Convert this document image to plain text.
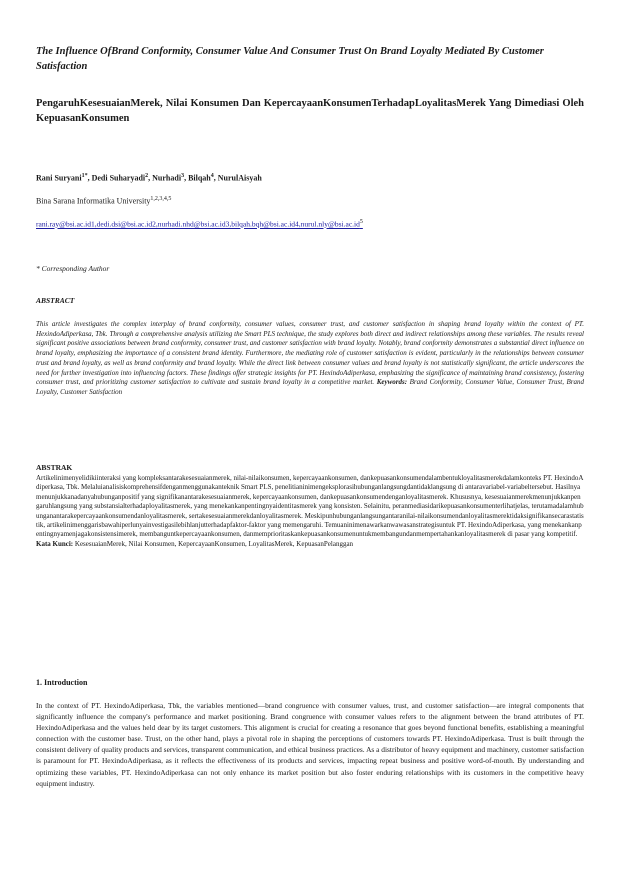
The Influence OfBrand Conformity, Consumer Value And Consumer Trust On Brand Loyalty Mediated By Customer Satisfaction
PengaruhKesesuaianMerek, Nilai Konsumen Dan KepercayaanKonsumenTerhadapLoyalitasMerek Yang Dimediasi Oleh KepuasanKonsumen
Rani Suryani$^{1*}$, Dedi Suharyadi$^2$, Nurhadi$^3$, Bilqah$^4$, NurulAisyah
Bina Sarana Informatika University$^{1,2,3,4,5}$
$rani.ray@bsi.ac.id1,dedi.dsi@bsi.ac.id2,nurhadi.nhd@bsi.ac.id3,bilqah.bqh@bsi.ac.id4,nurul.nly@bsi.ac.id^5$
* Corresponding Author
ABSTRACT
This article investigates the complex interplay of brand conformity, consumer values, consumer trust, and customer satisfaction in shaping brand loyalty within the context of PT. HexindoAdiperkasa, Tbk. Through a comprehensive analysis utilizing the Smart PLS technique, the study explores both direct and indirect relationships among these variables. The results reveal significant positive associations between brand conformity, consumer trust, and customer satisfaction with brand loyalty. Notably, brand conformity demonstrates a substantial direct influence on brand loyalty, emphasizing the importance of a consistent brand identity. Furthermore, the mediating role of customer satisfaction is evident, particularly in the relationships between consumer trust and brand loyalty, as well as brand conformity and brand loyalty. While the direct link between consumer values and brand loyalty is not statistically significant, the article underscores the need for further investigation into influencing factors. These findings offer strategic insights for PT. HexindoAdiperkasa, emphasizing the significance of maintaining brand consistency, fostering consumer trust, and prioritizing customer satisfaction to cultivate and sustain brand loyalty in a competitive market. Keywords: Brand Conformity, Consumer Value, Consumer Trust, Brand Loyalty, Customer Satisfaction
ABSTRAK
Artikelinimenyelidikiinteraksi yang kompleksantarakesesuaianmerek, nilai-nilaikonsumen, kepercayaankonsumen, dankepuasankonsumendalambentukloyalitasmerekdalamkonteks PT. HexindoAdiperkasa, Tbk. Melaluianalisiskomprehensifdenganmenggunakanteknik Smart PLS, penelitianinimengeksplorasihubunganlangsungdantidaklangsung di antaravariabel-variabeltersebut. Hasilnyamenunjukkanadanyahubunganpositif yang signifikanantarakesesuaianmerek, kepercayaankonsumen, dankepuasankonsumendenganloyalitasmerek. Khususnya, kesesuaianmerekmenunjukkanpengaruhlangsung yang substansialterhadaployalitasmerek, yang menekankanpentingnyaidentitasmerek yang konsisten. Selainitu, peranmediasidarikepuasankonsumenterlihatjelas, terutamadalamhubunganantarakepercayaankonsumendanloyalitasmerek, sertakesesuaianmerekdanloyalitasmerek. Meskipunhubunganlangsungantaranilai-nilaikonsumendanloyalitasmerektidaksignifikansecarastatistik, artikelinimenggarisbawahiperlunyainvestigasilebihlanjutterhadapfaktor-faktor yang memengaruhi. Temuaninimenawarkanwawasanstrategisuntuk PT. HexindoAdiperkasa, yang menekankanpentingnyamenjagakonsistensimerek, membanguntkepercayaankonsumen, danmemprioritaskankepuasankonsumenuntukmembangundanmempertahankanloyalitasmerek di pasar yang kompetitif.
Kata Kunci: KesesuaianMerek, Nilai Konsumen, KepercayaanKonsumen, LoyalitasMerek, KepuasanPelanggan
1. Introduction
In the context of PT. HexindoAdiperkasa, Tbk, the variables mentioned—brand congruence with consumer values, trust, and customer satisfaction—are integral components that significantly influence the company's performance and market positioning. Brand congruence with consumer values refers to the alignment between the brand attributes of PT. HexindoAdiperkasa and the values held dear by its target customers. This alignment is crucial for creating a resonance that goes beyond functional benefits, establishing a meaningful connection with the customer base. Trust, on the other hand, plays a pivotal role in shaping the perceptions of customers towards PT. HexindoAdiperkasa. Trust is built through the consistent delivery of quality products and services, transparent communication, and ethical business practices. As a distributor of heavy equipment and machinery, customer satisfaction is paramount for PT. HexindoAdiperkasa, as it reflects the effectiveness of its products and services, impacting repeat business and positive word-of-mouth. By understanding and optimizing these variables, PT. HexindoAdiperkasa can not only enhance its market position but also foster enduring relationships with its customers in the competitive heavy equipment industry.
